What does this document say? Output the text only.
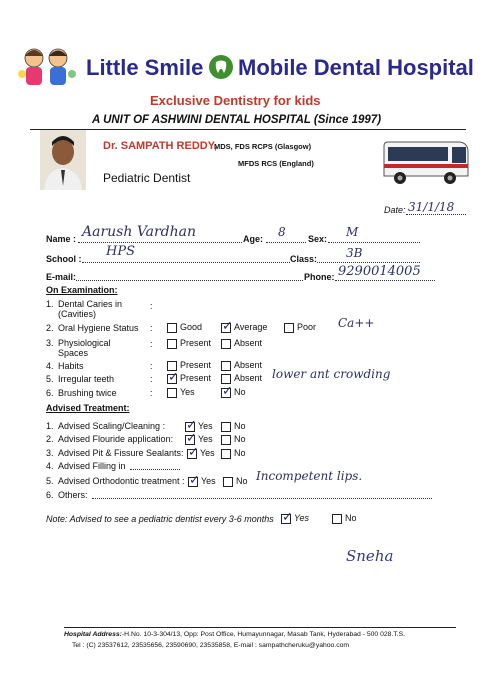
Little Smile Mobile Dental Hospital
Exclusive Dentistry for kids
A UNIT OF ASHWINI DENTAL HOSPITAL (Since 1997)
Dr. SAMPATH REDDY,
MDS, FDS RCPS (Glasgow)
MFDS RCS (England)
Pediatric Dentist
Date: 31/1/18
Name : Aarush Vardhan	Age: 8 Sex: M
School : HPS	Class: 3B
E-mail:	Phone: 9290014005
On Examination:
1. Dental Caries in
(Cavities)
:
2. Oral Hygiene Status :	Good ✓ Average	Poor Ca++
3. Physiological
Spaces
:	Present	Absent
4. Habits	:	Present	Absent
5. Irregular teeth	: ✓ Present	Absent lower ant crowding
6. Brushing twice	:	Yes ✓ No
Advised Treatment:
1. Advised Scaling/Cleaning : ✓ Yes	No
2. Advised Flouride application: ✓ Yes	No
3. Advised Pit & Fissure Sealants: ✓ Yes	No
4. Advised Filling in
5. Advised Orthodontic treatment : ✓ Yes	No Incompetent lips.
6. Others:
Note: Advised to see a pediatric dentist every 3-6 months ✓ Yes	No
Sneha
Hospital Address:-H.No. 10-3-304/13, Opp: Post Office, Humayunnagar, Masab Tank, Hyderabad - 500 028.T.S.
Tel : (C) 23537612, 23535656, 23590690, 23535858, E-mail : sampathcheruku@yahoo.com
